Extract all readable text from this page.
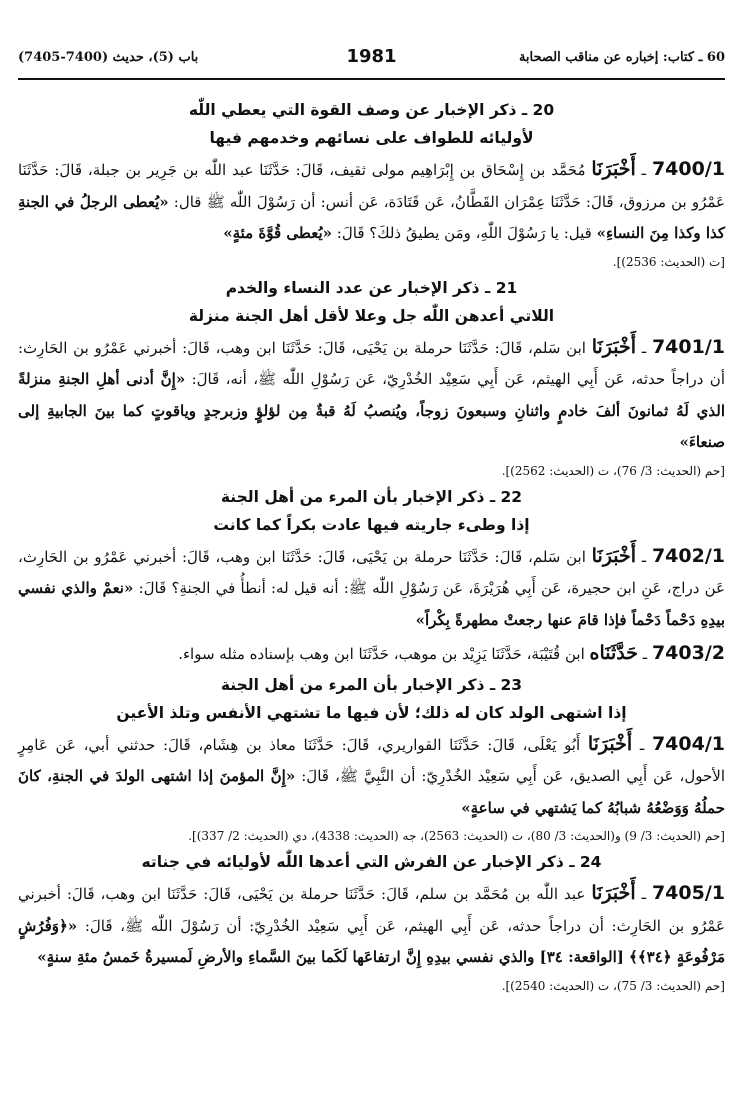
60 ـ كتاب: إخباره عن مناقب الصحابة
1981
باب (5)، حديث (7400-7405)
20 ـ ذكر الإخبار عن وصف القوة التي يعطي اللّٰه
لأوليائه للطواف على نسائهم وخدمهم فيها
7400/1 ـ أَخْبَرَنَا مُحَمَّد بن إِسْحَاق بن إِبْرَاهِيم مولى ثقيف، قَالَ: حَدَّثَنَا عبد اللّٰه بن جَرِير بن جبلة، قَالَ: حَدَّثَنَا عَمْرُو بن مرزوق، قَالَ: حَدَّثَنَا عِمْرَان القَطَّانُ، عَن قَتَادَة، عَن أنس: أن رَسُوْلَ اللّٰه ﷺ قال: «يُعطى الرجلُ في الجنةِ كذا وكذا مِنَ النساءِ» قيل: يا رَسُوْلَ اللّٰهِ، ومَن يطيقُ ذلكَ؟ قَالَ: «يُعطى قُوَّةَ مئةٍ»
[ت (الحديث: 2536)].
21 ـ ذكر الإخبار عن عدد النساء والخدم
اللاتي أعدهن اللّٰه جل وعلا لأقل أهل الجنة منزلة
7401/1 ـ أَخْبَرَنَا ابن سَلم، قَالَ: حَدَّثَنَا حرملة بن يَحْيَى، قَالَ: حَدَّثَنَا ابن وهب، قَالَ: أخبرني عَمْرُو بن الحَارِث: أن دراجاً حدثه، عَن أَبِي الهيثم، عَن أَبِي سَعِيْد الخُدْرِيّ، عَن رَسُوْلِ اللّٰه ﷺ، أنه، قَالَ: «إِنَّ أدنى أهلِ الجنةِ منزلةً الذي لَهُ ثمانونَ ألفَ خادمٍ واثنانِ وسبعونَ زوجاً، ويُنصبُ لَهُ قبةٌ مِن لؤلؤٍ وزبرجدٍ وياقوتٍ كما بينَ الجابيةِ إلى صنعاءَ»
[حم (الحديث: 3/ 76)، ت (الحديث: 2562)].
22 ـ ذكر الإخبار بأن المرء من أهل الجنة
إذا وطىء جاريته فيها عادت بكراً كما كانت
7402/1 ـ أَخْبَرَنَا ابن سَلم، قَالَ: حَدَّثَنَا حرملة بن يَحْيَى، قَالَ: حَدَّثَنَا ابن وهب، قَالَ: أخبرني عَمْرُو بن الحَارِث، عَن دراج، عَنِ ابن حجيرة، عَن أَبِي هُرَيْرَةَ، عَن رَسُوْلِ اللّٰه ﷺ: أنه قيل له: أنطأُ في الجنةِ؟ قَالَ: «نعمْ والذي نفسي بيدِهِ دَحْماً دَحْماً فإذا قامَ عنها رجعتْ مطهرةً بِكْراً»
7403/2 ـ حَدَّثَنَاه ابن قُتَيْبَة، حَدَّثَنَا يَزِيْد بن موهب، حَدَّثَنَا ابن وهب بإسناده مثله سواء.
23 ـ ذكر الإخبار بأن المرء من أهل الجنة
إذا اشتهى الولد كان له ذلك؛ لأن فيها ما تشتهي الأنفس وتلذ الأعين
7404/1 ـ أَخْبَرَنَا أَبُو يَعْلَى، قَالَ: حَدَّثَنَا القواريري، قَالَ: حَدَّثَنَا معاذ بن هِشَام، قَالَ: حدثني أبي، عَن عَامِرٍ الأحول، عَن أَبِي الصديق، عَن أَبِي سَعِيْد الخُدْرِيّ: أن النَّبِيَّ ﷺ، قَالَ: «إِنَّ المؤمنَ إذا اشتهى الولدَ في الجنةِ، كانَ حملُهُ وَوَضْعُهُ شبابُهُ كما يَشتهي في ساعةٍ»
[حم (الحديث: 3/ 9) و(الحديث: 3/ 80)، ت (الحديث: 2563)، جه (الحديث: 4338)، دي (الحديث: 2/ 337)].
24 ـ ذكر الإخبار عن الفرش التي أعدها اللّٰه لأوليائه في جناته
7405/1 ـ أَخْبَرَنَا عبد اللّٰه بن مُحَمَّد بن سلم، قَالَ: حَدَّثَنَا حرملة بن يَحْيَى، قَالَ: حَدَّثَنَا ابن وهب، قَالَ: أخبرني عَمْرُو بن الحَارِث: أن دراجاً حدثه، عَن أَبِي الهيثم، عَن أَبِي سَعِيْد الخُدْرِيّ: أن رَسُوْلَ اللّٰه ﷺ، قَالَ: «﴿وَفُرُشٍ مَرْفُوعَةٍ ﴿٣٤﴾﴾ [الواقعة: ٣٤] والذي نفسي بيدِهِ إِنَّ ارتفاعَها لَكَما بينَ السَّماءِ والأرضِ لَمسيرةُ خَمسُ مئةِ سنةٍ»
[حم (الحديث: 3/ 75)، ت (الحديث: 2540)].
